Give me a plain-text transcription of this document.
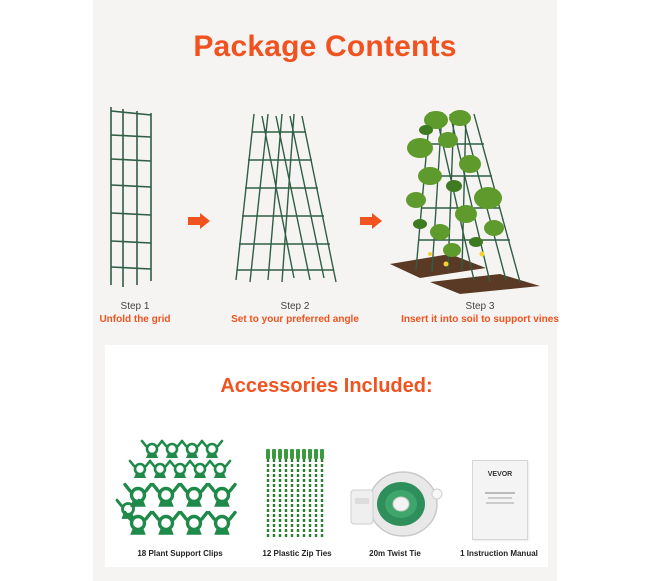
Package Contents
Step 1
Unfold the grid
Step 2
Set to your preferred angle
Step 3
Insert it into soil to support vines
Accessories Included:
18 Plant Support Clips	12 Plastic Zip Ties	20m Twist Tie
VEVOR
1 Instruction Manual
